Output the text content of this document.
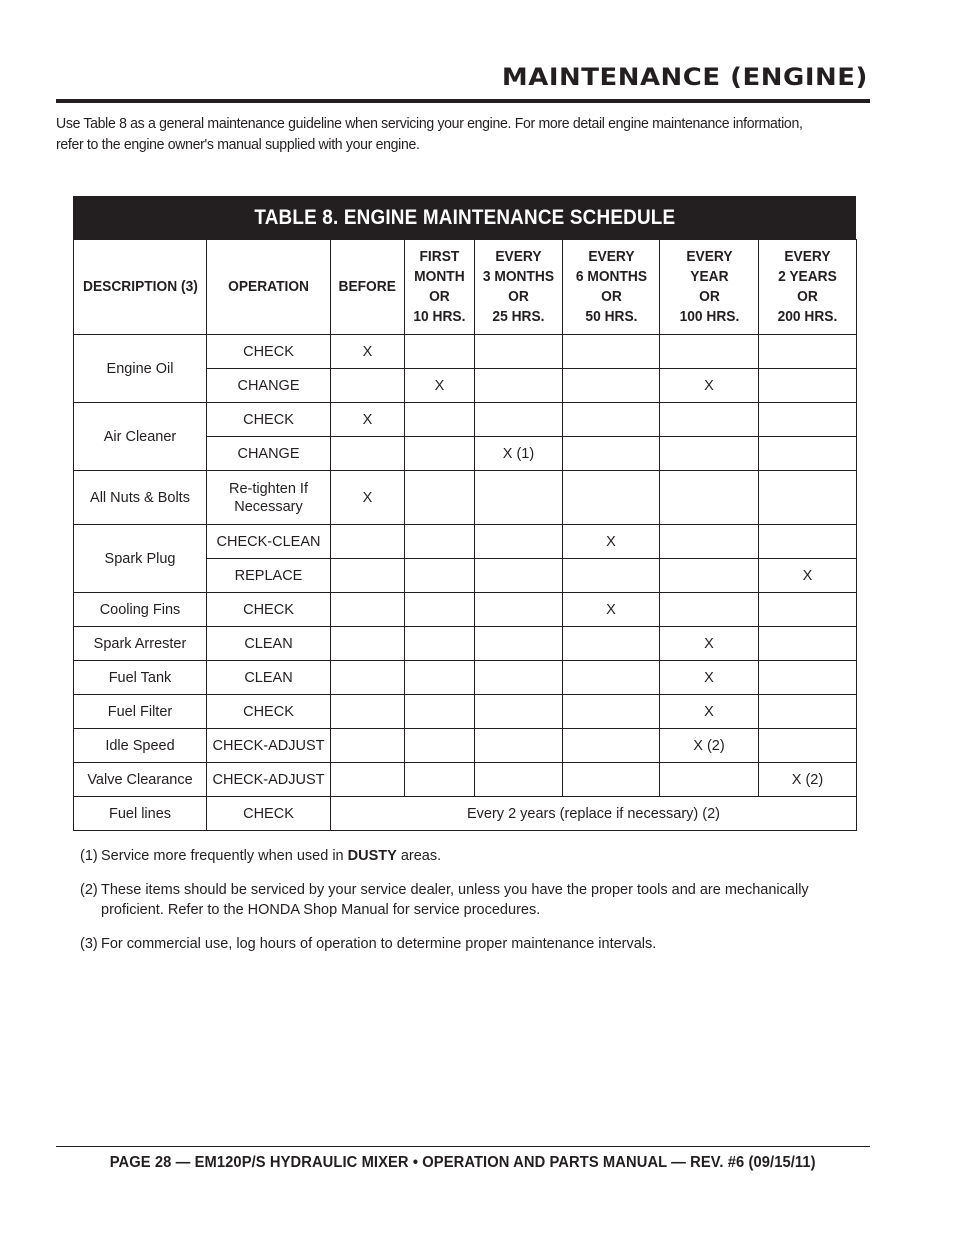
MAINTENANCE (ENGINE)

Use Table 8 as a general maintenance guideline when servicing your engine. For more detail engine maintenance information,

refer to the engine owner's manual supplied with your engine.

TABLE 8. ENGINE MAINTENANCE SCHEDULE
DESCRIPTION (3)	OPERATION	BEFORE	FIRST
MONTH
OR
10 HRS.	EVERY
3 MONTHS
OR
25 HRS.	EVERY
6 MONTHS
OR
50 HRS.	EVERY
YEAR
OR
100 HRS.	EVERY
2 YEARS
OR
200 HRS.
Engine Oil	CHECK	X					
	CHANGE		X			X	
Air Cleaner	CHECK	X					
	CHANGE			X (1)			
All Nuts & Bolts	Re-tighten If
Necessary	X					
Spark Plug	CHECK-CLEAN				X		
	REPLACE						X
Cooling Fins	CHECK				X		
Spark Arrester	CLEAN					X	
Fuel Tank	CLEAN					X	
Fuel Filter	CHECK					X	
Idle Speed	CHECK-ADJUST					X (2)	
Valve Clearance	CHECK-ADJUST						X (2)
Fuel lines	CHECK	Every 2 years (replace if necessary) (2)					
(1) Service more frequently when used in DUSTY areas.
(2) These items should be serviced by your service dealer, unless you have the proper tools and are mechanically proficient. Refer to the HONDA Shop Manual for service procedures.
(3) For commercial use, log hours of operation to determine proper maintenance intervals.
PAGE 28 — EM120P/S HYDRAULIC MIXER • OPERATION AND PARTS MANUAL — REV. #6 (09/15/11)
